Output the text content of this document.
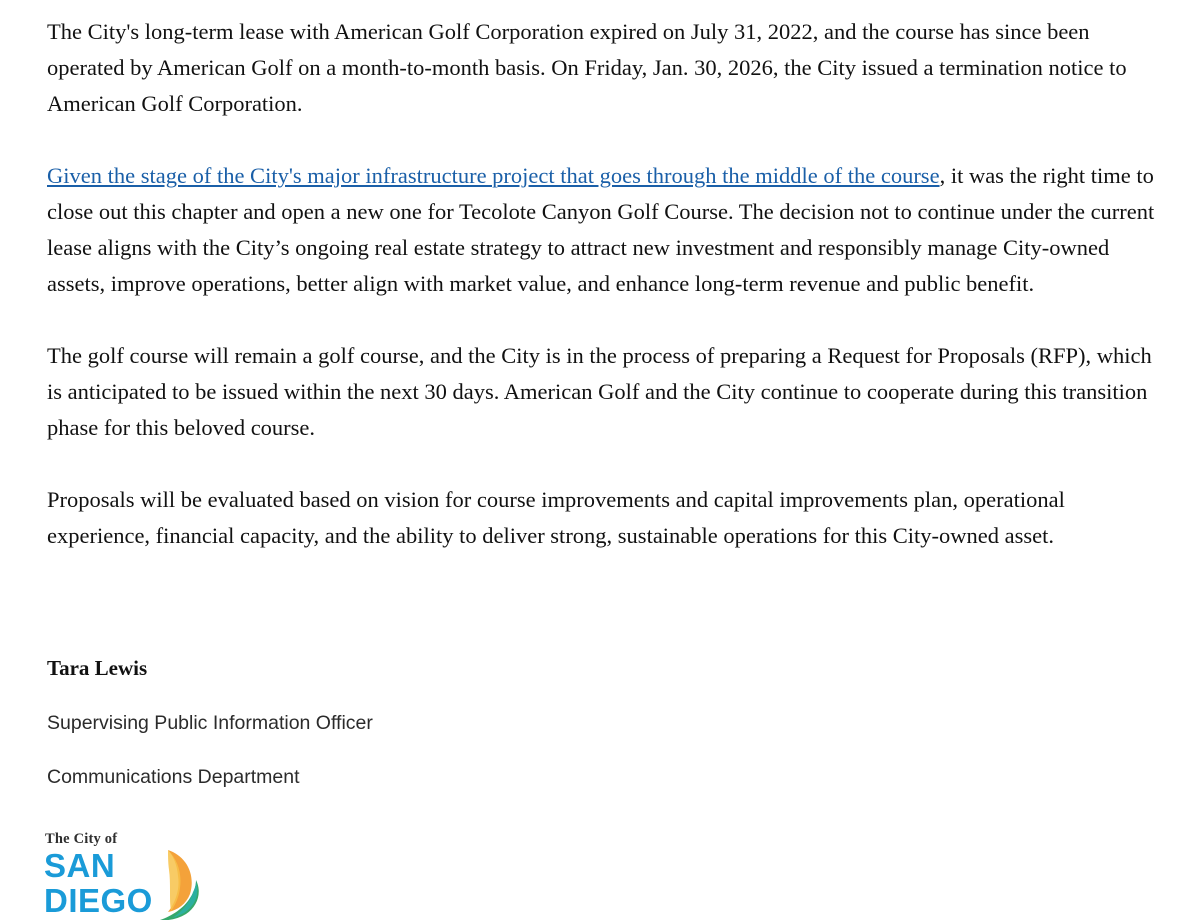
The City's long-term lease with American Golf Corporation expired on July 31, 2022, and the course has since been operated by American Golf on a month-to-month basis. On Friday, Jan. 30, 2026, the City issued a termination notice to American Golf Corporation.

Given the stage of the City's major infrastructure project that goes through the middle of the course, it was the right time to close out this chapter and open a new one for Tecolote Canyon Golf Course. The decision not to continue under the current lease aligns with the City’s ongoing real estate strategy to attract new investment and responsibly manage City-owned assets, improve operations, better align with market value, and enhance long-term revenue and public benefit.

The golf course will remain a golf course, and the City is in the process of preparing a Request for Proposals (RFP), which is anticipated to be issued within the next 30 days. American Golf and the City continue to cooperate during this transition phase for this beloved course.

Proposals will be evaluated based on vision for course improvements and capital improvements plan, operational experience, financial capacity, and the ability to deliver strong, sustainable operations for this City-owned asset.

Tara Lewis

Supervising Public Information Officer

Communications Department

The City of
SAN
DIEGO
